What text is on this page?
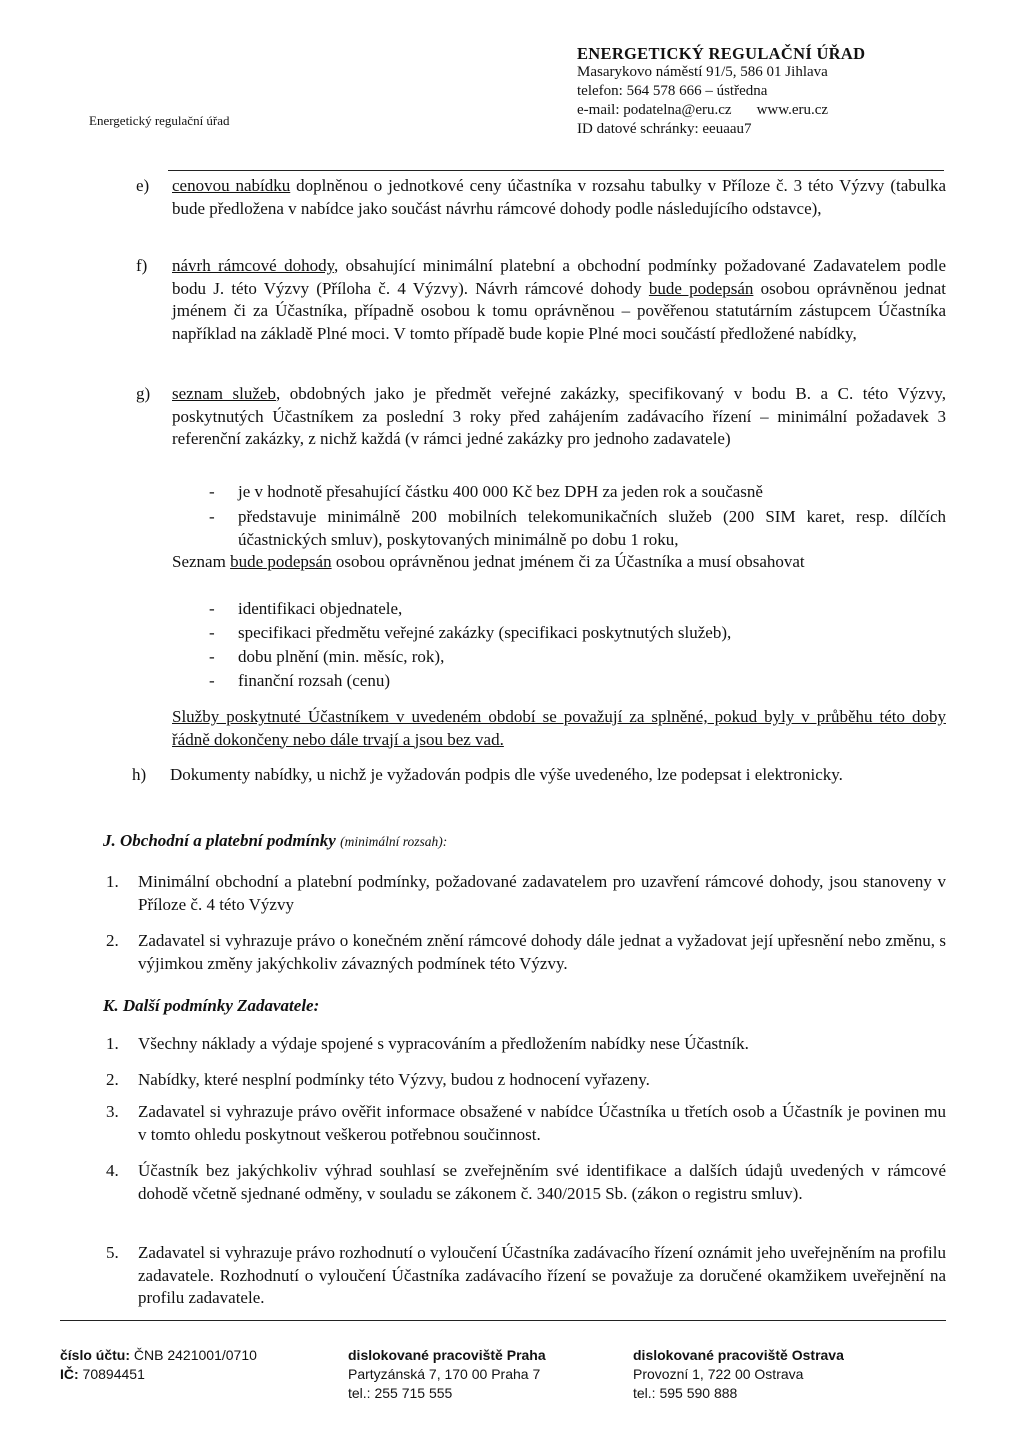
Energetický regulační úřad
ENERGETICKÝ REGULAČNÍ ÚŘAD
Masarykovo náměstí 91/5, 586 01 Jihlava
telefon: 564 578 666 – ústředna
e-mail: podatelna@eru.cz www.eru.cz
ID datové schránky: eeuaau7
e) cenovou nabídku doplněnou o jednotkové ceny účastníka v rozsahu tabulky v Příloze č. 3 této Výzvy (tabulka bude předložena v nabídce jako součást návrhu rámcové dohody podle následujícího odstavce),
f) návrh rámcové dohody, obsahující minimální platební a obchodní podmínky požadované Zadavatelem podle bodu J. této Výzvy (Příloha č. 4 Výzvy). Návrh rámcové dohody bude podepsán osobou oprávněnou jednat jménem či za Účastníka, případně osobou k tomu oprávněnou – pověřenou statutárním zástupcem Účastníka například na základě Plné moci. V tomto případě bude kopie Plné moci součástí předložené nabídky,
g) seznam služeb, obdobných jako je předmět veřejné zakázky, specifikovaný v bodu B. a C. této Výzvy, poskytnutých Účastníkem za poslední 3 roky před zahájením zadávacího řízení – minimální požadavek 3 referenční zakázky, z nichž každá (v rámci jedné zakázky pro jednoho zadavatele)
- je v hodnotě přesahující částku 400 000 Kč bez DPH za jeden rok a současně
- představuje minimálně 200 mobilních telekomunikačních služeb (200 SIM karet, resp. dílčích účastnických smluv), poskytovaných minimálně po dobu 1 roku,
Seznam bude podepsán osobou oprávněnou jednat jménem či za Účastníka a musí obsahovat
- identifikaci objednatele,
- specifikaci předmětu veřejné zakázky (specifikaci poskytnutých služeb),
- dobu plnění (min. měsíc, rok),
- finanční rozsah (cenu)
Služby poskytnuté Účastníkem v uvedeném období se považují za splněné, pokud byly v průběhu této doby řádně dokončeny nebo dále trvají a jsou bez vad.
h) Dokumenty nabídky, u nichž je vyžadován podpis dle výše uvedeného, lze podepsat i elektronicky.
J. Obchodní a platební podmínky (minimální rozsah):
1. Minimální obchodní a platební podmínky, požadované zadavatelem pro uzavření rámcové dohody, jsou stanoveny v Příloze č. 4 této Výzvy
2. Zadavatel si vyhrazuje právo o konečném znění rámcové dohody dále jednat a vyžadovat její upřesnění nebo změnu, s výjimkou změny jakýchkoliv závazných podmínek této Výzvy.
K. Další podmínky Zadavatele:
1. Všechny náklady a výdaje spojené s vypracováním a předložením nabídky nese Účastník.
2. Nabídky, které nesplní podmínky této Výzvy, budou z hodnocení vyřazeny.
3. Zadavatel si vyhrazuje právo ověřit informace obsažené v nabídce Účastníka u třetích osob a Účastník je povinen mu v tomto ohledu poskytnout veškerou potřebnou součinnost.
4. Účastník bez jakýchkoliv výhrad souhlasí se zveřejněním své identifikace a dalších údajů uvedených v rámcové dohodě včetně sjednané odměny, v souladu se zákonem č. 340/2015 Sb. (zákon o registru smluv).
5. Zadavatel si vyhrazuje právo rozhodnutí o vyloučení Účastníka zadávacího řízení oznámit jeho uveřejněním na profilu zadavatele. Rozhodnutí o vyloučení Účastníka zadávacího řízení se považuje za doručené okamžikem uveřejnění na profilu zadavatele.
číslo účtu: ČNB 2421001/0710
IČ: 70894451
dislokované pracoviště Praha
Partyzánská 7, 170 00 Praha 7
tel.: 255 715 555
dislokované pracoviště Ostrava
Provozní 1, 722 00 Ostrava
tel.: 595 590 888
